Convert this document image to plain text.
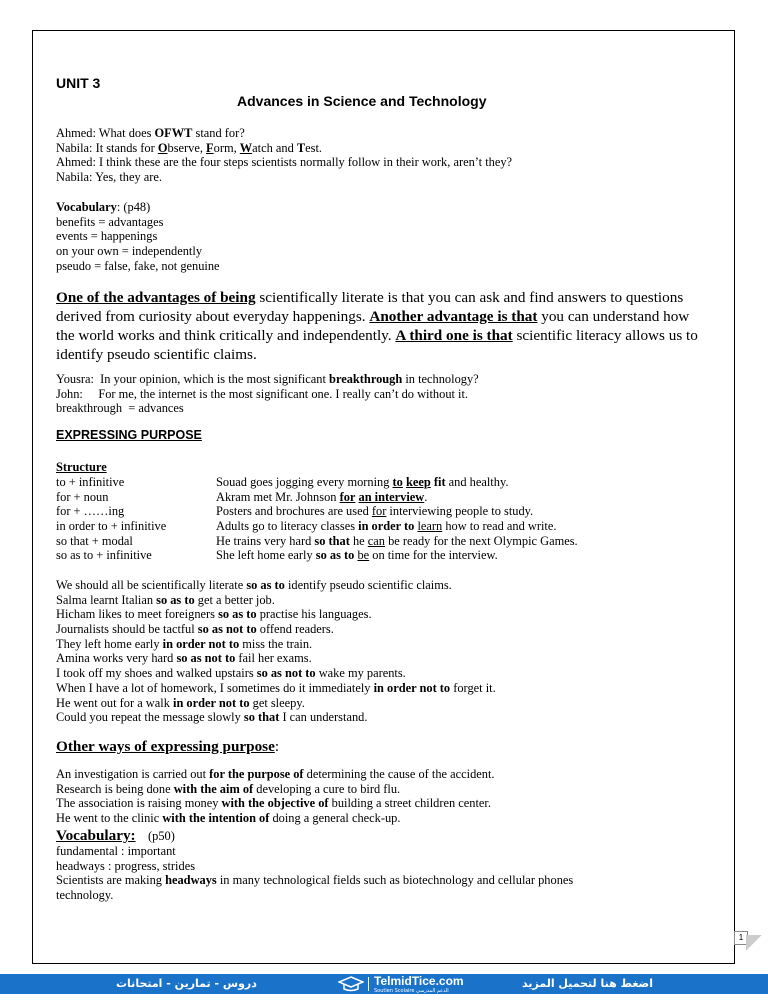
UNIT 3
Advances in Science and Technology
Ahmed: What does OFWT stand for?
Nabila: It stands for Observe, Form, Watch and Test.
Ahmed: I think these are the four steps scientists normally follow in their work, aren’t they?
Nabila: Yes, they are.
Vocabulary: (p48)
benefits = advantages
events = happenings
on your own = independently
pseudo = false, fake, not genuine
One of the advantages of being scientifically literate is that you can ask and find answers to questions
derived from curiosity about everyday happenings. Another advantage is that you can understand how
the world works and think critically and independently. A third one is that scientific literacy allows us to
identify pseudo scientific claims.
Yousra:  In your opinion, which is the most significant breakthrough in technology?
John:     For me, the internet is the most significant one. I really can’t do without it.
breakthrough  = advances
EXPRESSING PURPOSE
Structure
to + infinitive
for + noun
for + ……ing
in order to + infinitive
so that + modal
so as to + infinitive
Souad goes jogging every morning to keep fit and healthy.
Akram met Mr. Johnson for an interview.
Posters and brochures are used for interviewing people to study.
Adults go to literacy classes in order to learn how to read and write.
He trains very hard so that he can be ready for the next Olympic Games.
She left home early so as to be on time for the interview.
We should all be scientifically literate so as to identify pseudo scientific claims.
Salma learnt Italian so as to get a better job.
Hicham likes to meet foreigners so as to practise his languages.
Journalists should be tactful so as not to offend readers.
They left home early in order not to miss the train.
Amina works very hard so as not to fail her exams.
I took off my shoes and walked upstairs so as not to wake my parents.
When I have a lot of homework, I sometimes do it immediately in order not to forget it.
He went out for a walk in order not to get sleepy.
Could you repeat the message slowly so that I can understand.
Other ways of expressing purpose:
An investigation is carried out for the purpose of determining the cause of the accident.
Research is being done with the aim of developing a cure to bird flu.
The association is raising money with the objective of building a street children center.
He went to the clinic with the intention of doing a general check-up.
Vocabulary:    (p50)
fundamental : important
headways : progress, strides
Scientists are making headways in many technological fields such as biotechnology and cellular phones
technology.
1
دروس - تمارين - امتحانات	TelmidTice.com
Soutien Scolaire الدعم المدرسي
اضغط هنا لتحميل المزيد
